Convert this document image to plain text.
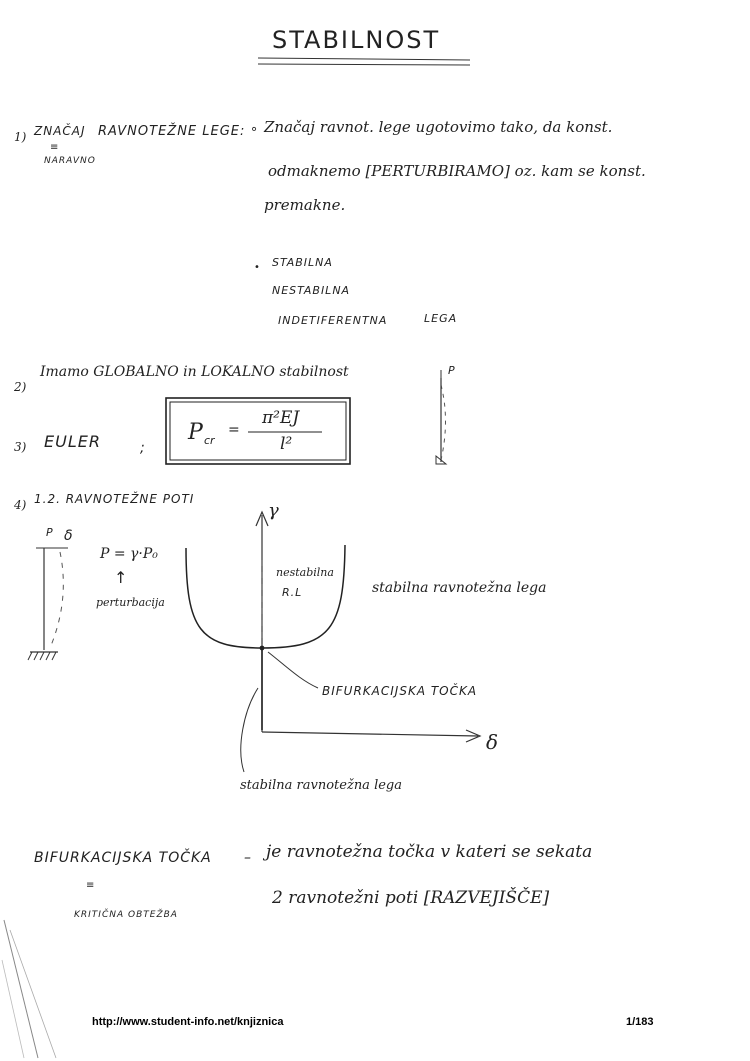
STABILNOST
1) ZNAČAJ
≡
NARAVNO
RAVNOTEŽNE LEGE: ∘ Značaj ravnot. lege ugotovimo tako, da konst.
odmaknemo [PERTURBIRAMO] oz. kam se konst.
premakne.
• STABILNA
NESTABILNA
INDETIFERENTNA	LEGA
2)
Imamo GLOBALNO in LOKALNO stabilnost	P
3) EULER	;
P cr
=
π²EJ
l²
4) 1.2. RAVNOTEŽNE POTI
P δ
P = γ·P₀
↑
perturbacija
γ
δ
nestabilna
R.L	stabilna ravnotežna lega
BIFURKACIJSKA TOČKA
stabilna ravnotežna lega
BIFURKACIJSKA TOČKA – je ravnotežna točka v kateri se sekata
2 ravnotežni poti [RAZVEJIŠČE]
≡
KRITIČNA OBTEŽBA
http://www.student-info.net/knjiznica	1/183
